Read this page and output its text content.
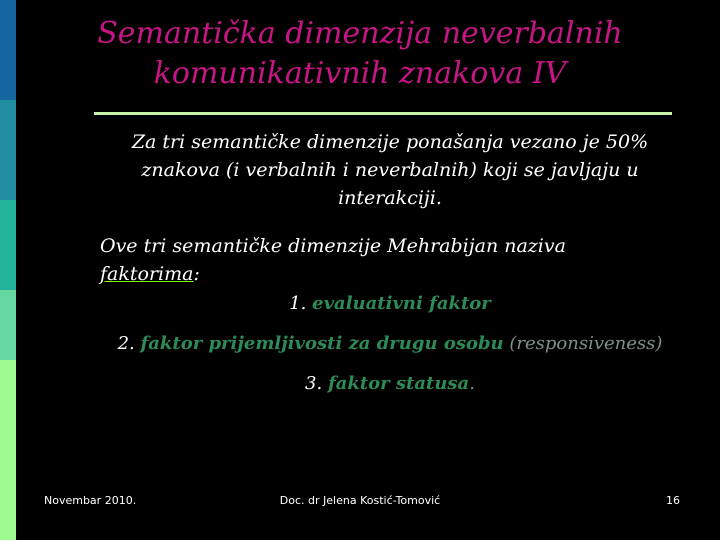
Semantička dimenzija neverbalnih komunikativnih znakova IV
Za tri semantičke dimenzije ponašanja vezano je 50% znakova (i verbalnih i neverbalnih) koji se javljaju u interakciji.
Ove tri semantičke dimenzije Mehrabijan naziva faktorima:
1. evaluativni faktor
2. faktor prijemljivosti za drugu osobu (responsiveness)
3. faktor statusa.
Novembar 2010.	Doc. dr Jelena Kostić-Tomović	16
